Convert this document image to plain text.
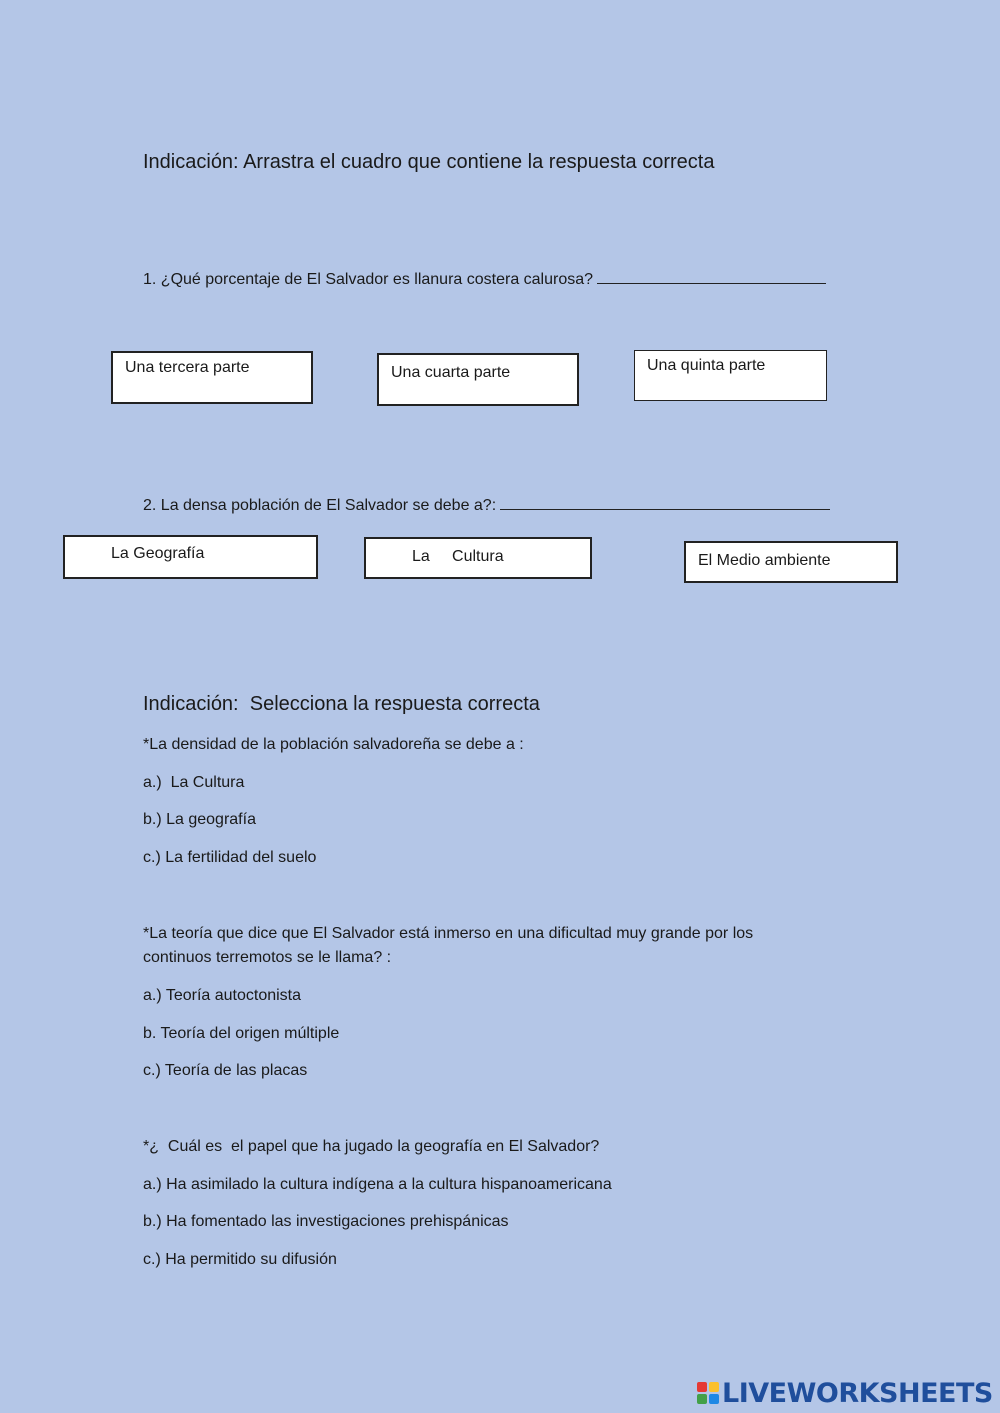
Indicación: Arrastra el cuadro que contiene la respuesta correcta
1. ¿Qué porcentaje de El Salvador es llanura costera calurosa?
Una tercera parte	Una cuarta parte	Una quinta parte
2. La densa población de El Salvador se debe a?:
La Geografía	La     Cultura	El Medio ambiente
Indicación:  Selecciona la respuesta correcta
*La densidad de la población salvadoreña se debe a :
a.)  La Cultura
b.) La geografía
c.) La fertilidad del suelo
*La teoría que dice que El Salvador está inmerso en una dificultad muy grande por los
continuos terremotos se le llama? :
a.) Teoría autoctonista
b. Teoría del origen múltiple
c.) Teoría de las placas
*¿  Cuál es  el papel que ha jugado la geografía en El Salvador?
a.) Ha asimilado la cultura indígena a la cultura hispanoamericana
b.) Ha fomentado las investigaciones prehispánicas
c.) Ha permitido su difusión
LIVEWORKSHEETS
